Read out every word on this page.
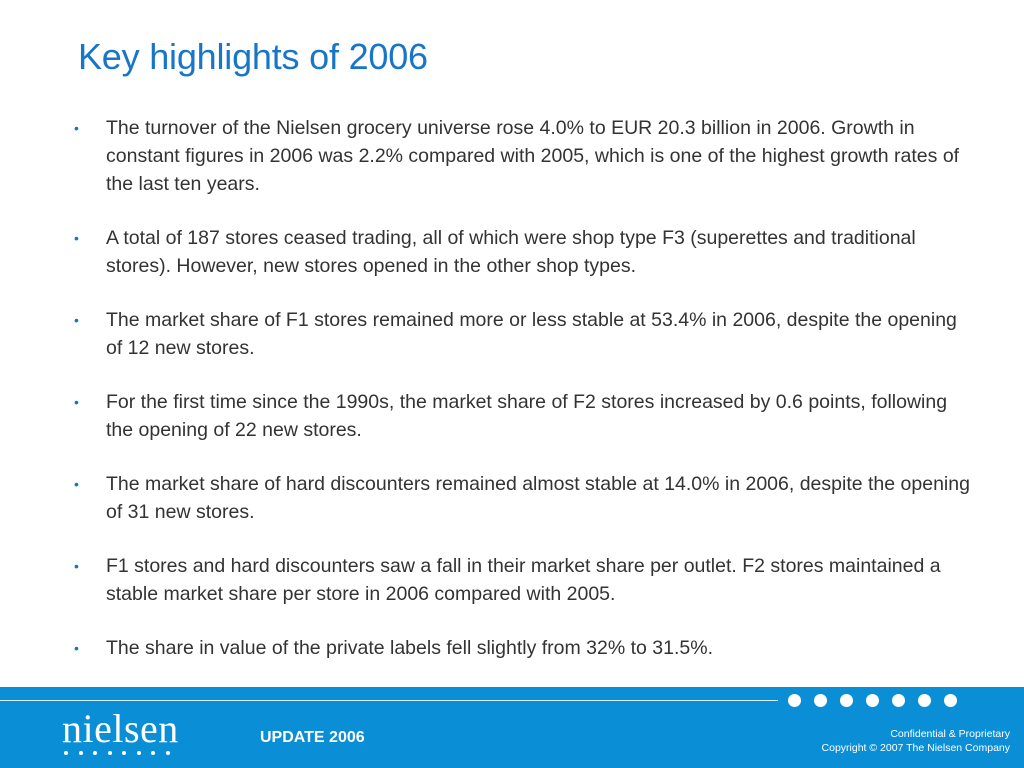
Key highlights of 2006
• The turnover of the Nielsen grocery universe rose 4.0% to EUR 20.3 billion in 2006. Growth in constant figures in 2006 was 2.2% compared with 2005, which is one of the highest growth rates of the last ten years.
• A total of 187 stores ceased trading, all of which were shop type F3 (superettes and traditional stores). However, new stores opened in the other shop types.
• The market share of F1 stores remained more or less stable at 53.4% in 2006, despite the opening of 12 new stores.
• For the first time since the 1990s, the market share of F2 stores increased by 0.6 points, following the opening of 22 new stores.
• The market share of hard discounters remained almost stable at 14.0% in 2006, despite the opening of 31 new stores.
• F1 stores and hard discounters saw a fall in their market share per outlet. F2 stores maintained a stable market share per store in 2006 compared with 2005.
• The share in value of the private labels fell slightly from 32% to 31.5%.
nielsen	UPDATE 2006	Confidential & Proprietary
Copyright © 2007 The Nielsen Company
